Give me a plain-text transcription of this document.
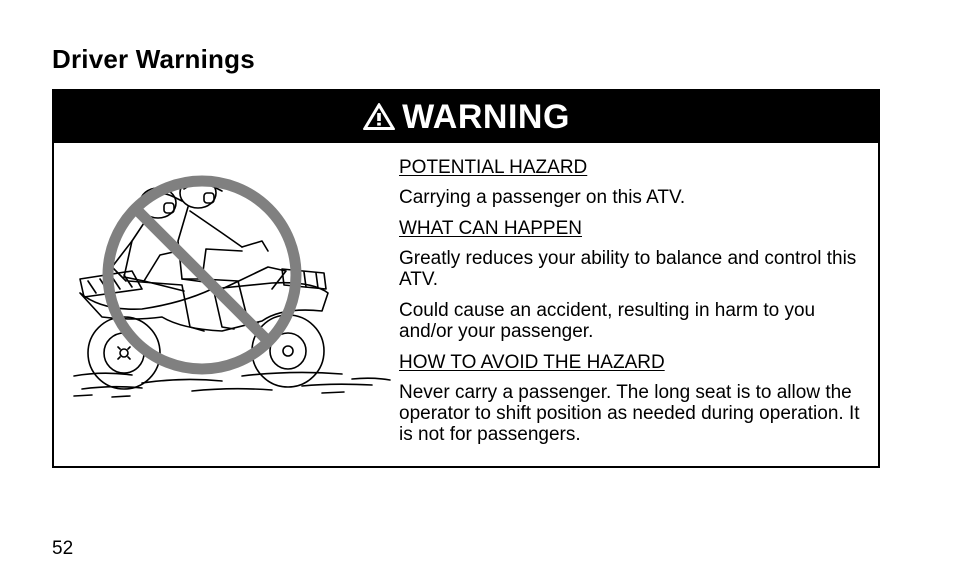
Driver Warnings
WARNING
POTENTIAL HAZARD
Carrying a passenger on this ATV.
WHAT CAN HAPPEN
Greatly reduces your ability to balance and control this ATV.
Could cause an accident, resulting in harm to you and/or your passenger.
HOW TO AVOID THE HAZARD
Never carry a passenger. The long seat is to allow the operator to shift position as needed during operation. It is not for passengers.
52
